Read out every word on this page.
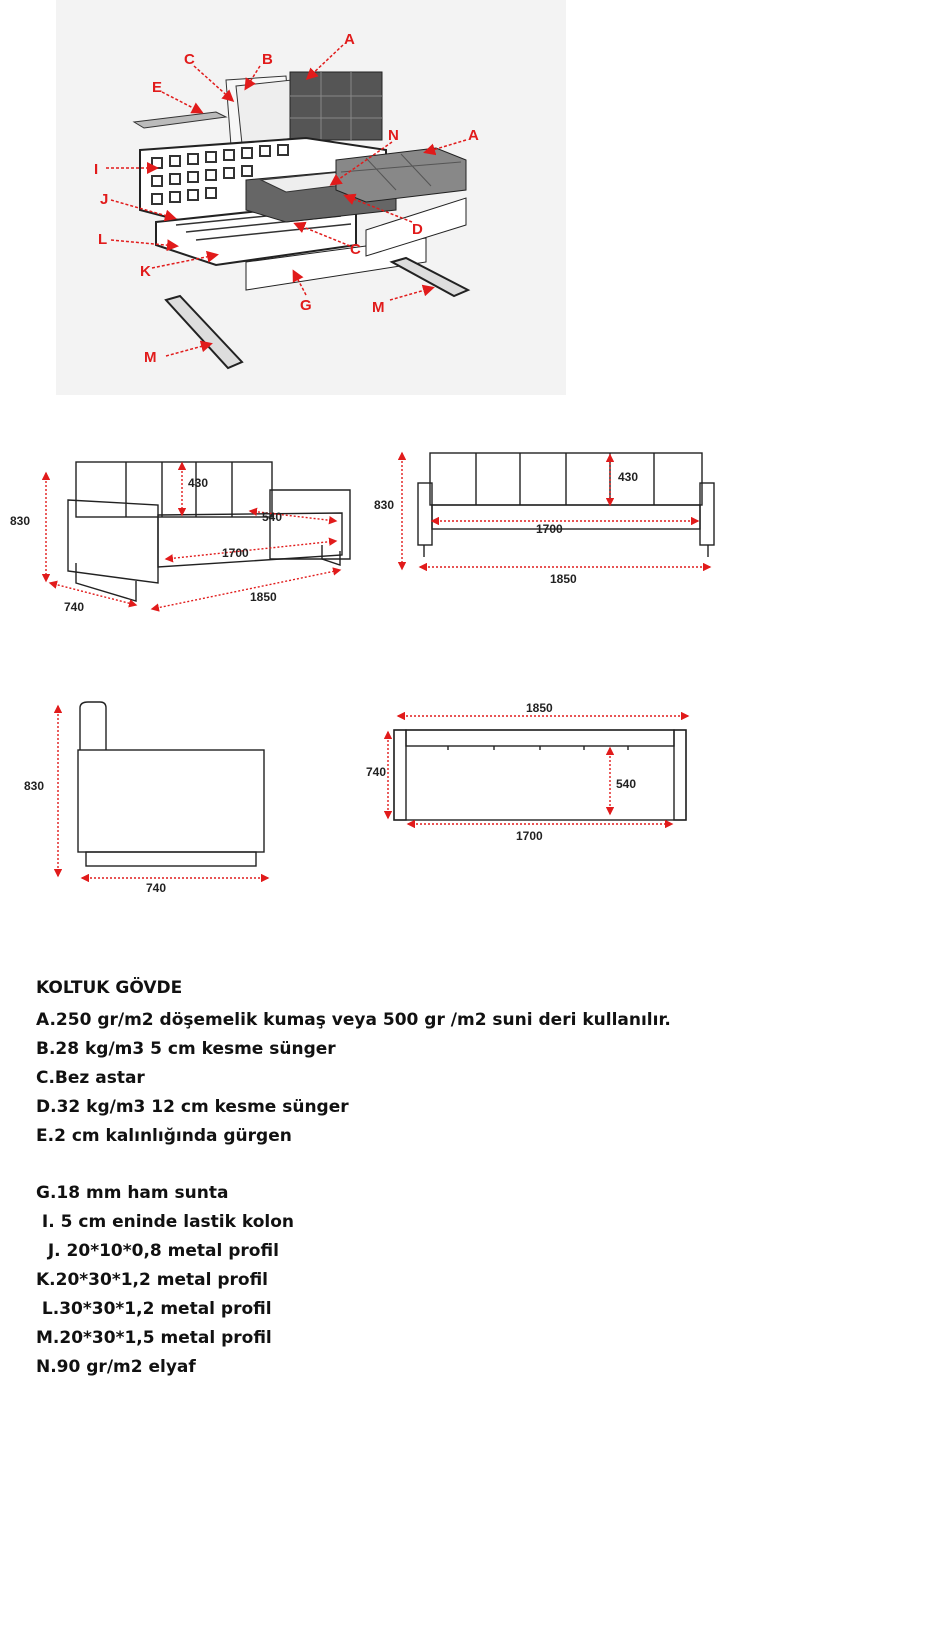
A
B
C
E
N	A
I
J
L
K
C
D
G	M
M
830
430
540
1700
1850
740
830
430
1700
1850
830
740
1850
740
540
1700
KOLTUK GÖVDE
A.250 gr/m2 döşemelik kumaş veya 500 gr /m2 suni deri kullanılır.
B.28 kg/m3 5 cm kesme sünger
C.Bez astar
D.32 kg/m3 12 cm kesme sünger
E.2 cm kalınlığında gürgen
G.18 mm ham sunta
I. 5 cm eninde lastik kolon
J. 20*10*0,8 metal profil
K.20*30*1,2 metal profil
L.30*30*1,2 metal profil
M.20*30*1,5 metal profil
N.90 gr/m2 elyaf
